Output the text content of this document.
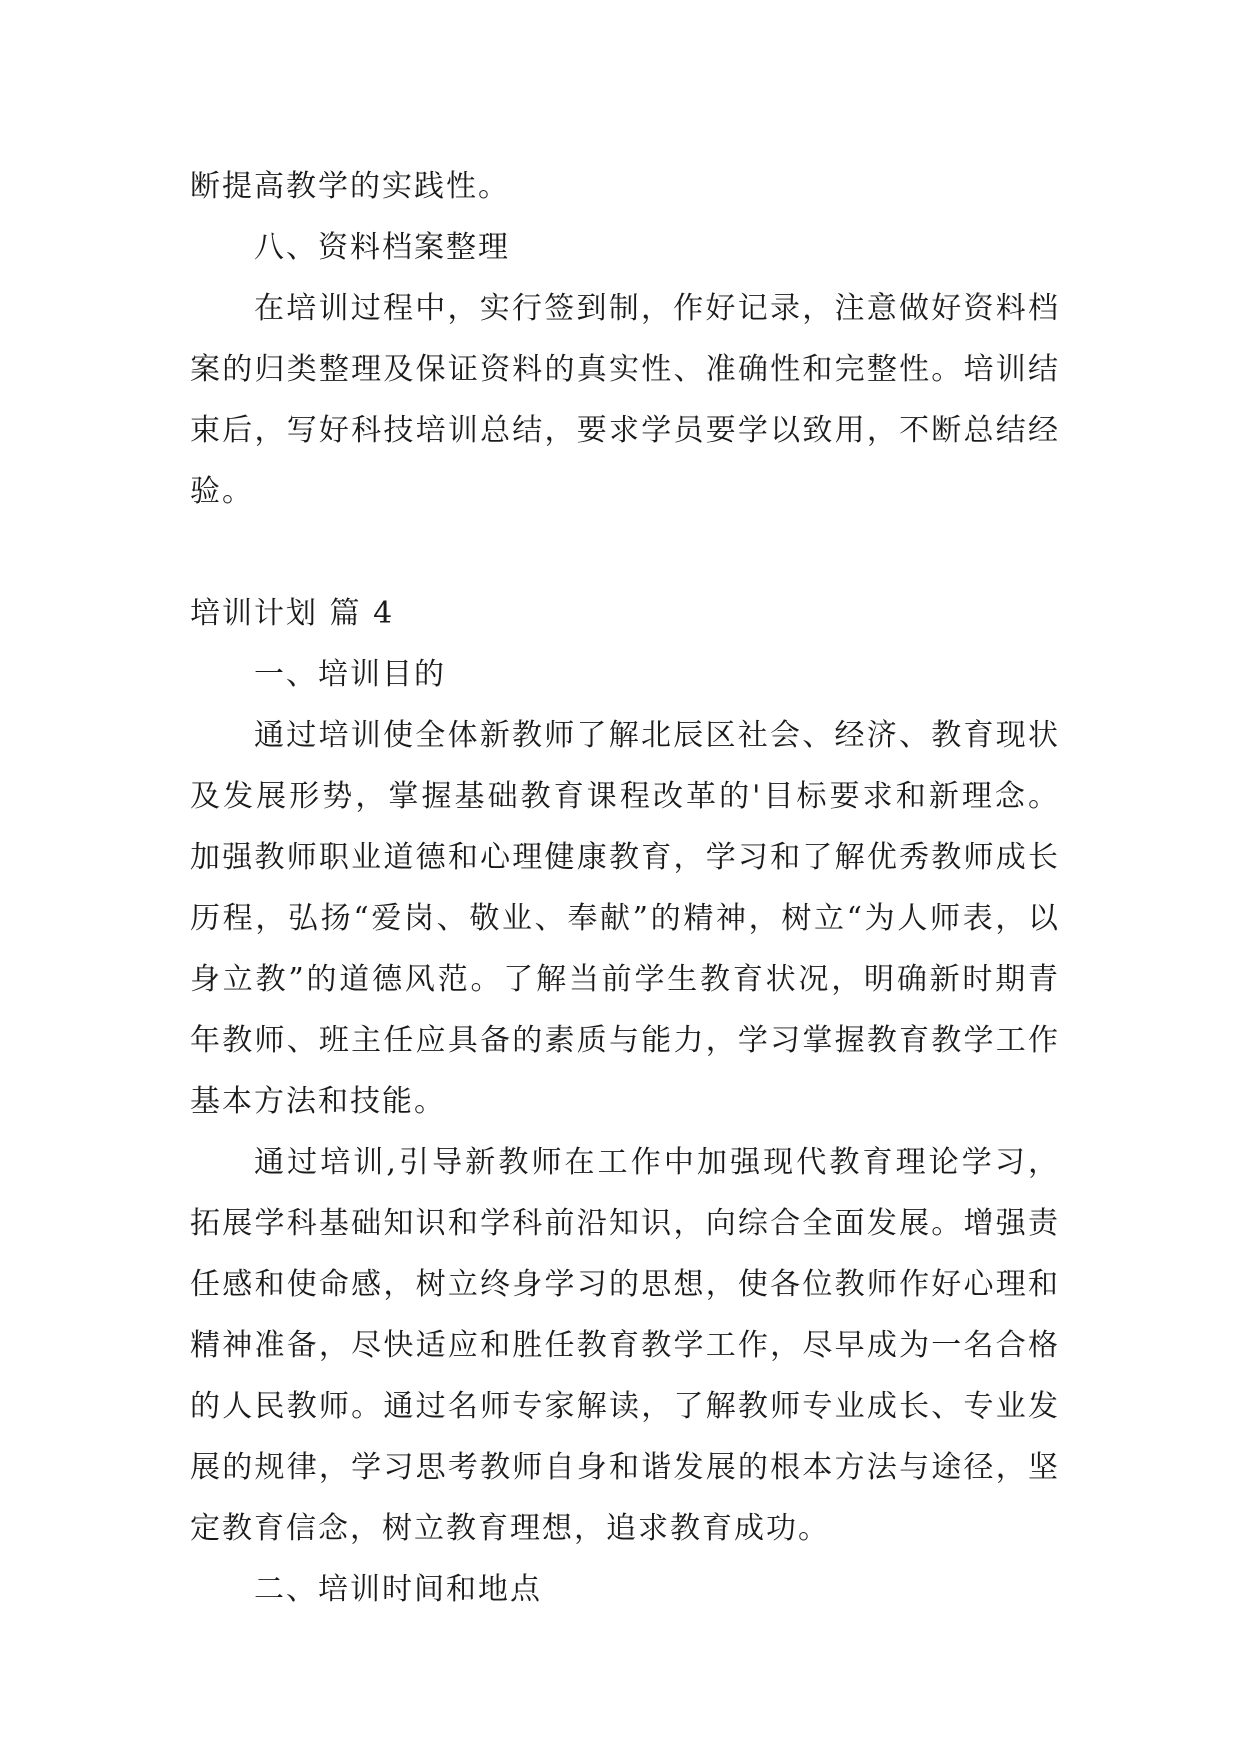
断提高教学的实践性。

八、资料档案整理

在培训过程中，实行签到制，作好记录，注意做好资料档案的归类整理及保证资料的真实性、准确性和完整性。培训结束后，写好科技培训总结，要求学员要学以致用，不断总结经验。

培训计划 篇 4

一、培训目的

通过培训使全体新教师了解北辰区社会、经济、教育现状及发展形势，掌握基础教育课程改革的'目标要求和新理念。加强教师职业道德和心理健康教育，学习和了解优秀教师成长历程，弘扬“爱岗、敬业、奉献”的精神，树立“为人师表，以身立教”的道德风范。了解当前学生教育状况，明确新时期青年教师、班主任应具备的素质与能力，学习掌握教育教学工作基本方法和技能。

通过培训,引导新教师在工作中加强现代教育理论学习，拓展学科基础知识和学科前沿知识，向综合全面发展。增强责任感和使命感，树立终身学习的思想，使各位教师作好心理和精神准备，尽快适应和胜任教育教学工作，尽早成为一名合格的人民教师。通过名师专家解读，了解教师专业成长、专业发展的规律，学习思考教师自身和谐发展的根本方法与途径，坚定教育信念，树立教育理想，追求教育成功。

二、培训时间和地点
